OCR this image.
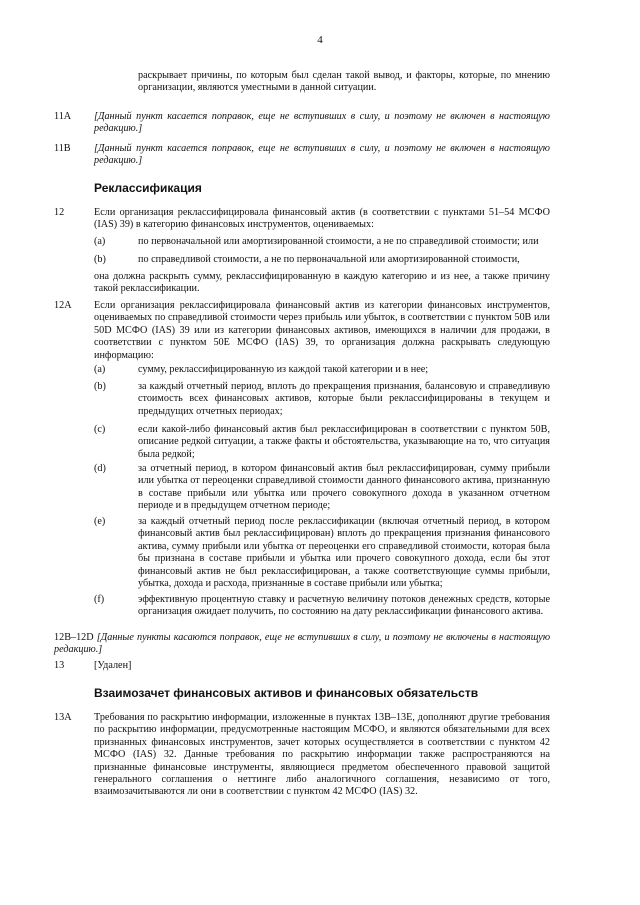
4
раскрывает причины, по которым был сделан такой вывод, и факторы, которые, по мнению организации, являются уместными в данной ситуации.
11A [Данный пункт касается поправок, еще не вступивших в силу, и поэтому не включен в настоящую редакцию.]
11B [Данный пункт касается поправок, еще не вступивших в силу, и поэтому не включен в настоящую редакцию.]
Реклассификация
12	Если организация реклассифицировала финансовый актив (в соответствии с пунктами 51–54 МСФО (IAS) 39) в категорию финансовых инструментов, оцениваемых:
(a)	по первоначальной или амортизированной стоимости, а не по справедливой стоимости; или
(b)	по справедливой стоимости, а не по первоначальной или амортизированной стоимости,
она должна раскрыть сумму, реклассифицированную в каждую категорию и из нее, а также причину такой реклассификации.
12A Если организация реклассифицировала финансовый актив из категории финансовых инструментов, оцениваемых по справедливой стоимости через прибыль или убыток, в соответствии с пунктом 50B или 50D МСФО (IAS) 39 или из категории финансовых активов, имеющихся в наличии для продажи, в соответствии с пунктом 50E МСФО (IAS) 39, то организация должна раскрывать следующую информацию:
(a)	сумму, реклассифицированную из каждой такой категории и в нее;
(b)	за каждый отчетный период, вплоть до прекращения признания, балансовую и справедливую стоимость всех финансовых активов, которые были реклассифицированы в текущем и предыдущих отчетных периодах;
(c)	если какой-либо финансовый актив был реклассифицирован в соответствии с пунктом 50B, описание редкой ситуации, а также факты и обстоятельства, указывающие на то, что ситуация была редкой;
(d)	за отчетный период, в котором финансовый актив был реклассифицирован, сумму прибыли или убытка от переоценки справедливой стоимости данного финансового актива, признанную в составе прибыли или убытка или прочего совокупного дохода в указанном отчетном периоде и в предыдущем отчетном периоде;
(e)	за каждый отчетный период после реклассификации (включая отчетный период, в котором финансовый актив был реклассифицирован) вплоть до прекращения признания финансового актива, сумму прибыли или убытка от переоценки его справедливой стоимости, которая была бы признана в составе прибыли и убытка или прочего совокупного дохода, если бы этот финансовый актив не был реклассифицирован, а также соответствующие суммы прибыли, убытка, дохода и расхода, признанные в составе прибыли или убытка;
(f)	эффективную процентную ставку и расчетную величину потоков денежных средств, которые организация ожидает получить, по состоянию на дату реклассификации финансового актива.
12B–12D [Данные пункты касаются поправок, еще не вступивших в силу, и поэтому не включены в настоящую редакцию.]
13	[Удален]
Взаимозачет финансовых активов и финансовых обязательств
13A Требования по раскрытию информации, изложенные в пунктах 13B–13E, дополняют другие требования по раскрытию информации, предусмотренные настоящим МСФО, и являются обязательными для всех признанных финансовых инструментов, зачет которых осуществляется в соответствии с пунктом 42 МСФО (IAS) 32. Данные требования по раскрытию информации также распространяются на признанные финансовые инструменты, являющиеся предметом обеспеченного правовой защитой генерального соглашения о неттинге либо аналогичного соглашения, независимо от того, взаимозачитываются ли они в соответствии с пунктом 42 МСФО (IAS) 32.
